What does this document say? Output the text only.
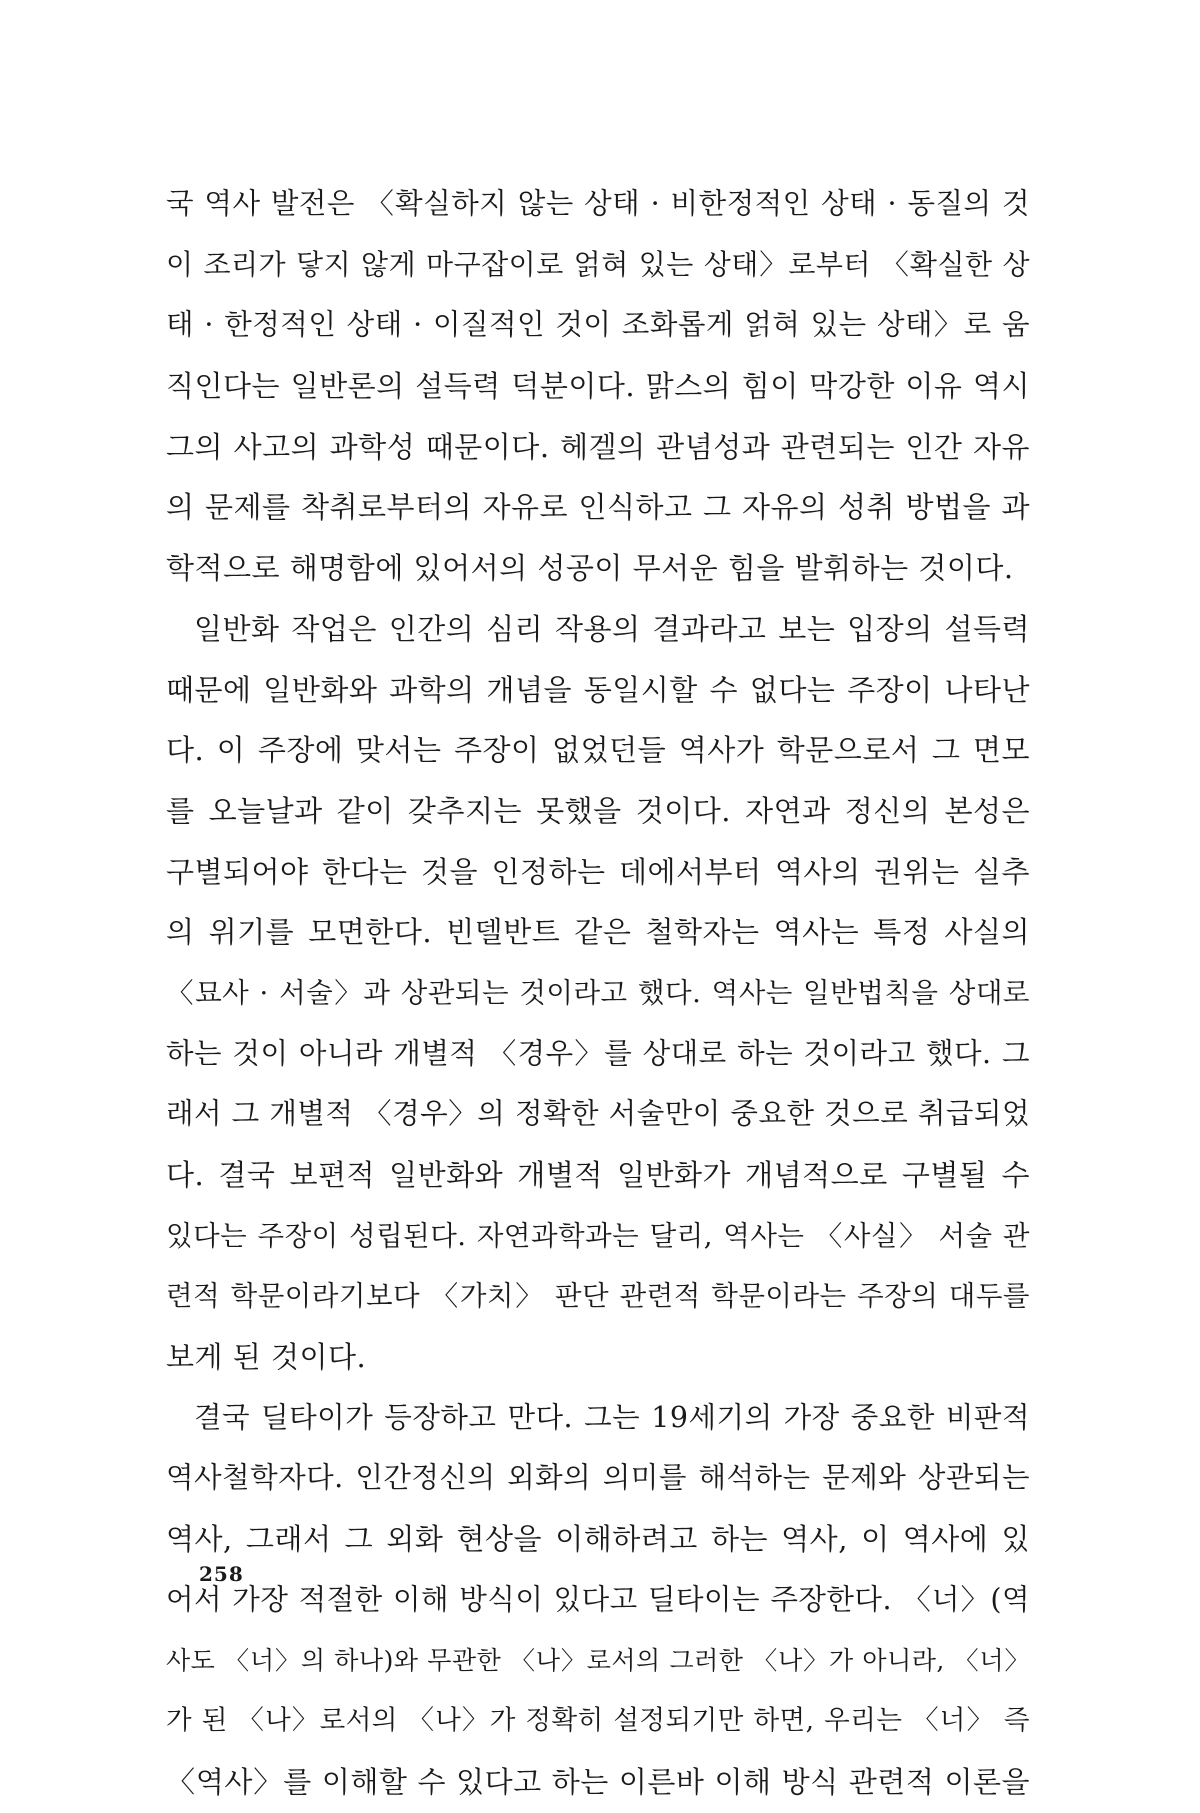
국 역사 발전은 〈확실하지 않는 상태 · 비한정적인 상태 · 동질의 것
이 조리가 닿지 않게 마구잡이로 얽혀 있는 상태〉로부터 〈확실한 상
태 · 한정적인 상태 · 이질적인 것이 조화롭게 얽혀 있는 상태〉로 움
직인다는 일반론의 설득력 덕분이다. 맑스의 힘이 막강한 이유 역시
그의 사고의 과학성 때문이다. 헤겔의 관념성과 관련되는 인간 자유
의 문제를 착취로부터의 자유로 인식하고 그 자유의 성취 방법을 과
학적으로 해명함에 있어서의 성공이 무서운 힘을 발휘하는 것이다.
일반화 작업은 인간의 심리 작용의 결과라고 보는 입장의 설득력
때문에 일반화와 과학의 개념을 동일시할 수 없다는 주장이 나타난
다. 이 주장에 맞서는 주장이 없었던들 역사가 학문으로서 그 면모
를 오늘날과 같이 갖추지는 못했을 것이다. 자연과 정신의 본성은
구별되어야 한다는 것을 인정하는 데에서부터 역사의 권위는 실추
의 위기를 모면한다. 빈델반트 같은 철학자는 역사는 특정 사실의
〈묘사 · 서술〉과 상관되는 것이라고 했다. 역사는 일반법칙을 상대로
하는 것이 아니라 개별적 〈경우〉를 상대로 하는 것이라고 했다. 그
래서 그 개별적 〈경우〉의 정확한 서술만이 중요한 것으로 취급되었
다. 결국 보편적 일반화와 개별적 일반화가 개념적으로 구별될 수
있다는 주장이 성립된다. 자연과학과는 달리, 역사는 〈사실〉 서술 관
련적 학문이라기보다 〈가치〉 판단 관련적 학문이라는 주장의 대두를
보게 된 것이다.
결국 딜타이가 등장하고 만다. 그는 19세기의 가장 중요한 비판적
역사철학자다. 인간정신의 외화의 의미를 해석하는 문제와 상관되는
역사, 그래서 그 외화 현상을 이해하려고 하는 역사, 이 역사에 있
어서 가장 적절한 이해 방식이 있다고 딜타이는 주장한다. 〈너〉(역
사도 〈너〉의 하나)와 무관한 〈나〉로서의 그러한 〈나〉가 아니라, 〈너〉
가 된 〈나〉로서의 〈나〉가 정확히 설정되기만 하면, 우리는 〈너〉 즉
〈역사〉를 이해할 수 있다고 하는 이른바 이해 방식 관련적 이론을
258
